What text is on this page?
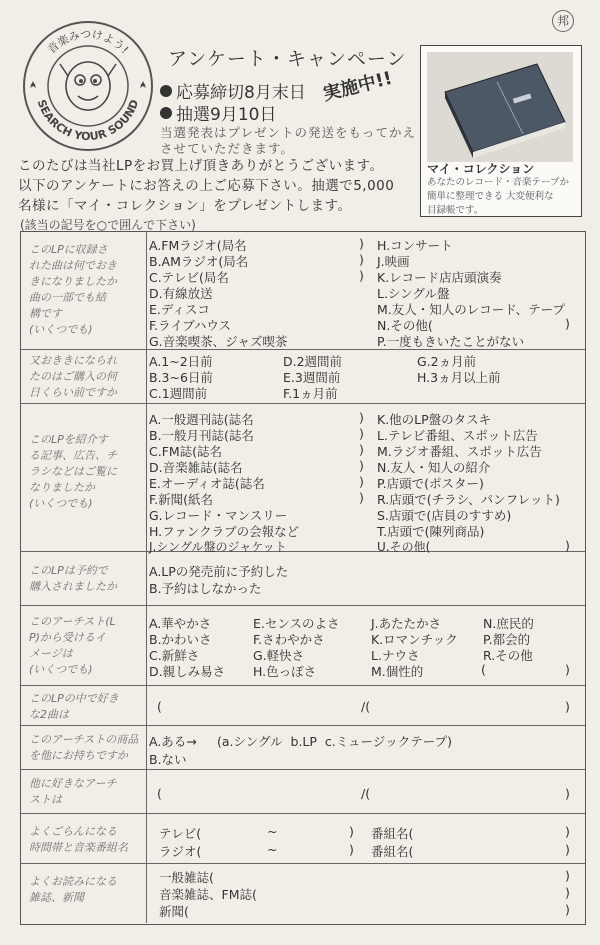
音楽みつけよう!
SEARCH YOUR SOUND
邦
アンケート・キャンペーン
応募締切8月末日
抽選9月10日
実施中!!
当選発表はプレゼントの発送をもってかえ
させていただきます。
マイ・コレクション
あなたのレコード・音楽テープか
簡単に整理できる 大変便利な
目録帳です。
このたびは当社LPをお買上げ頂きありがとうございます。
以下のアンケートにお答えの上ご応募下さい。抽選で5,000
名様に「マイ・コレクション」をプレゼントします。
(該当の記号を○で囲んで下さい)
このLPに収録さ
れた曲は何でおき
きになりましたか
曲の一部でも結
構です
(いくつでも)
A.FMラジオ(局名	)
B.AMラジオ(局名	)
C.テレビ(局名	)
D.有線放送
E.ディスコ
F.ライブハウス
G.音楽喫茶、ジャズ喫茶
H.コンサート
J.映画
K.レコード店店頭演奏
L.シングル盤
M.友人・知人のレコード、テープ
N.その他(	)
P.一度もきいたことがない
又おききになられ
たのはご購入の何
日くらい前ですか
A.1~2日前
B.3~6日前
C.1週間前
D.2週間前
E.3週間前
F.1ヵ月前
G.2ヵ月前
H.3ヵ月以上前
このLPを紹介す
る記事、広告、チ
ラシなどはご覧に
なりましたか
(いくつでも)
A.一般週刊誌(誌名	)
B.一般月刊誌(誌名	)
C.FM誌(誌名	)
D.音楽雑誌(誌名	)
E.オーディオ誌(誌名	)
F.新聞(紙名	)
G.レコード・マンスリー
H.ファンクラブの会報など
J.シングル盤のジャケット
K.他のLP盤のタスキ
L.テレビ番組、スポット広告
M.ラジオ番組、スポット広告
N.友人・知人の紹介
P.店頭で(ポスター)
R.店頭で(チラシ、パンフレット)
S.店頭で(店員のすすめ)
T.店頭で(陳列商品)
U.その他(	)
このLPは予約で
購入されましたか
A.LPの発売前に予約した
B.予約はしなかった
このアーチスト(L
P)から受けるイ
メージは
(いくつでも)
A.華やかさ
B.かわいさ
C.新鮮さ
D.親しみ易さ
E.センスのよさ
F.さわやかさ
G.軽快さ
H.色っぽさ
J.あたたかさ
K.ロマンチック
L.ナウさ
M.個性的
N.庶民的
P.都会的
R.その他
(	)
このLPの中で好き
な2曲は
(	/(	)
このアーチストの商品
を他にお持ちですか
A.ある→ (a.シングル  b.LP  c.ミュージックテープ)
B.ない
他に好きなアーチ
ストは	(	/(	)
よくごらんになる
時間帯と音楽番組名
テレビ(	~	) 番組名(	)
ラジオ(	~	) 番組名(	)
よくお読みになる
雑誌、新聞
一般雑誌(	)
音楽雑誌、FM誌(	)
新聞(	)
